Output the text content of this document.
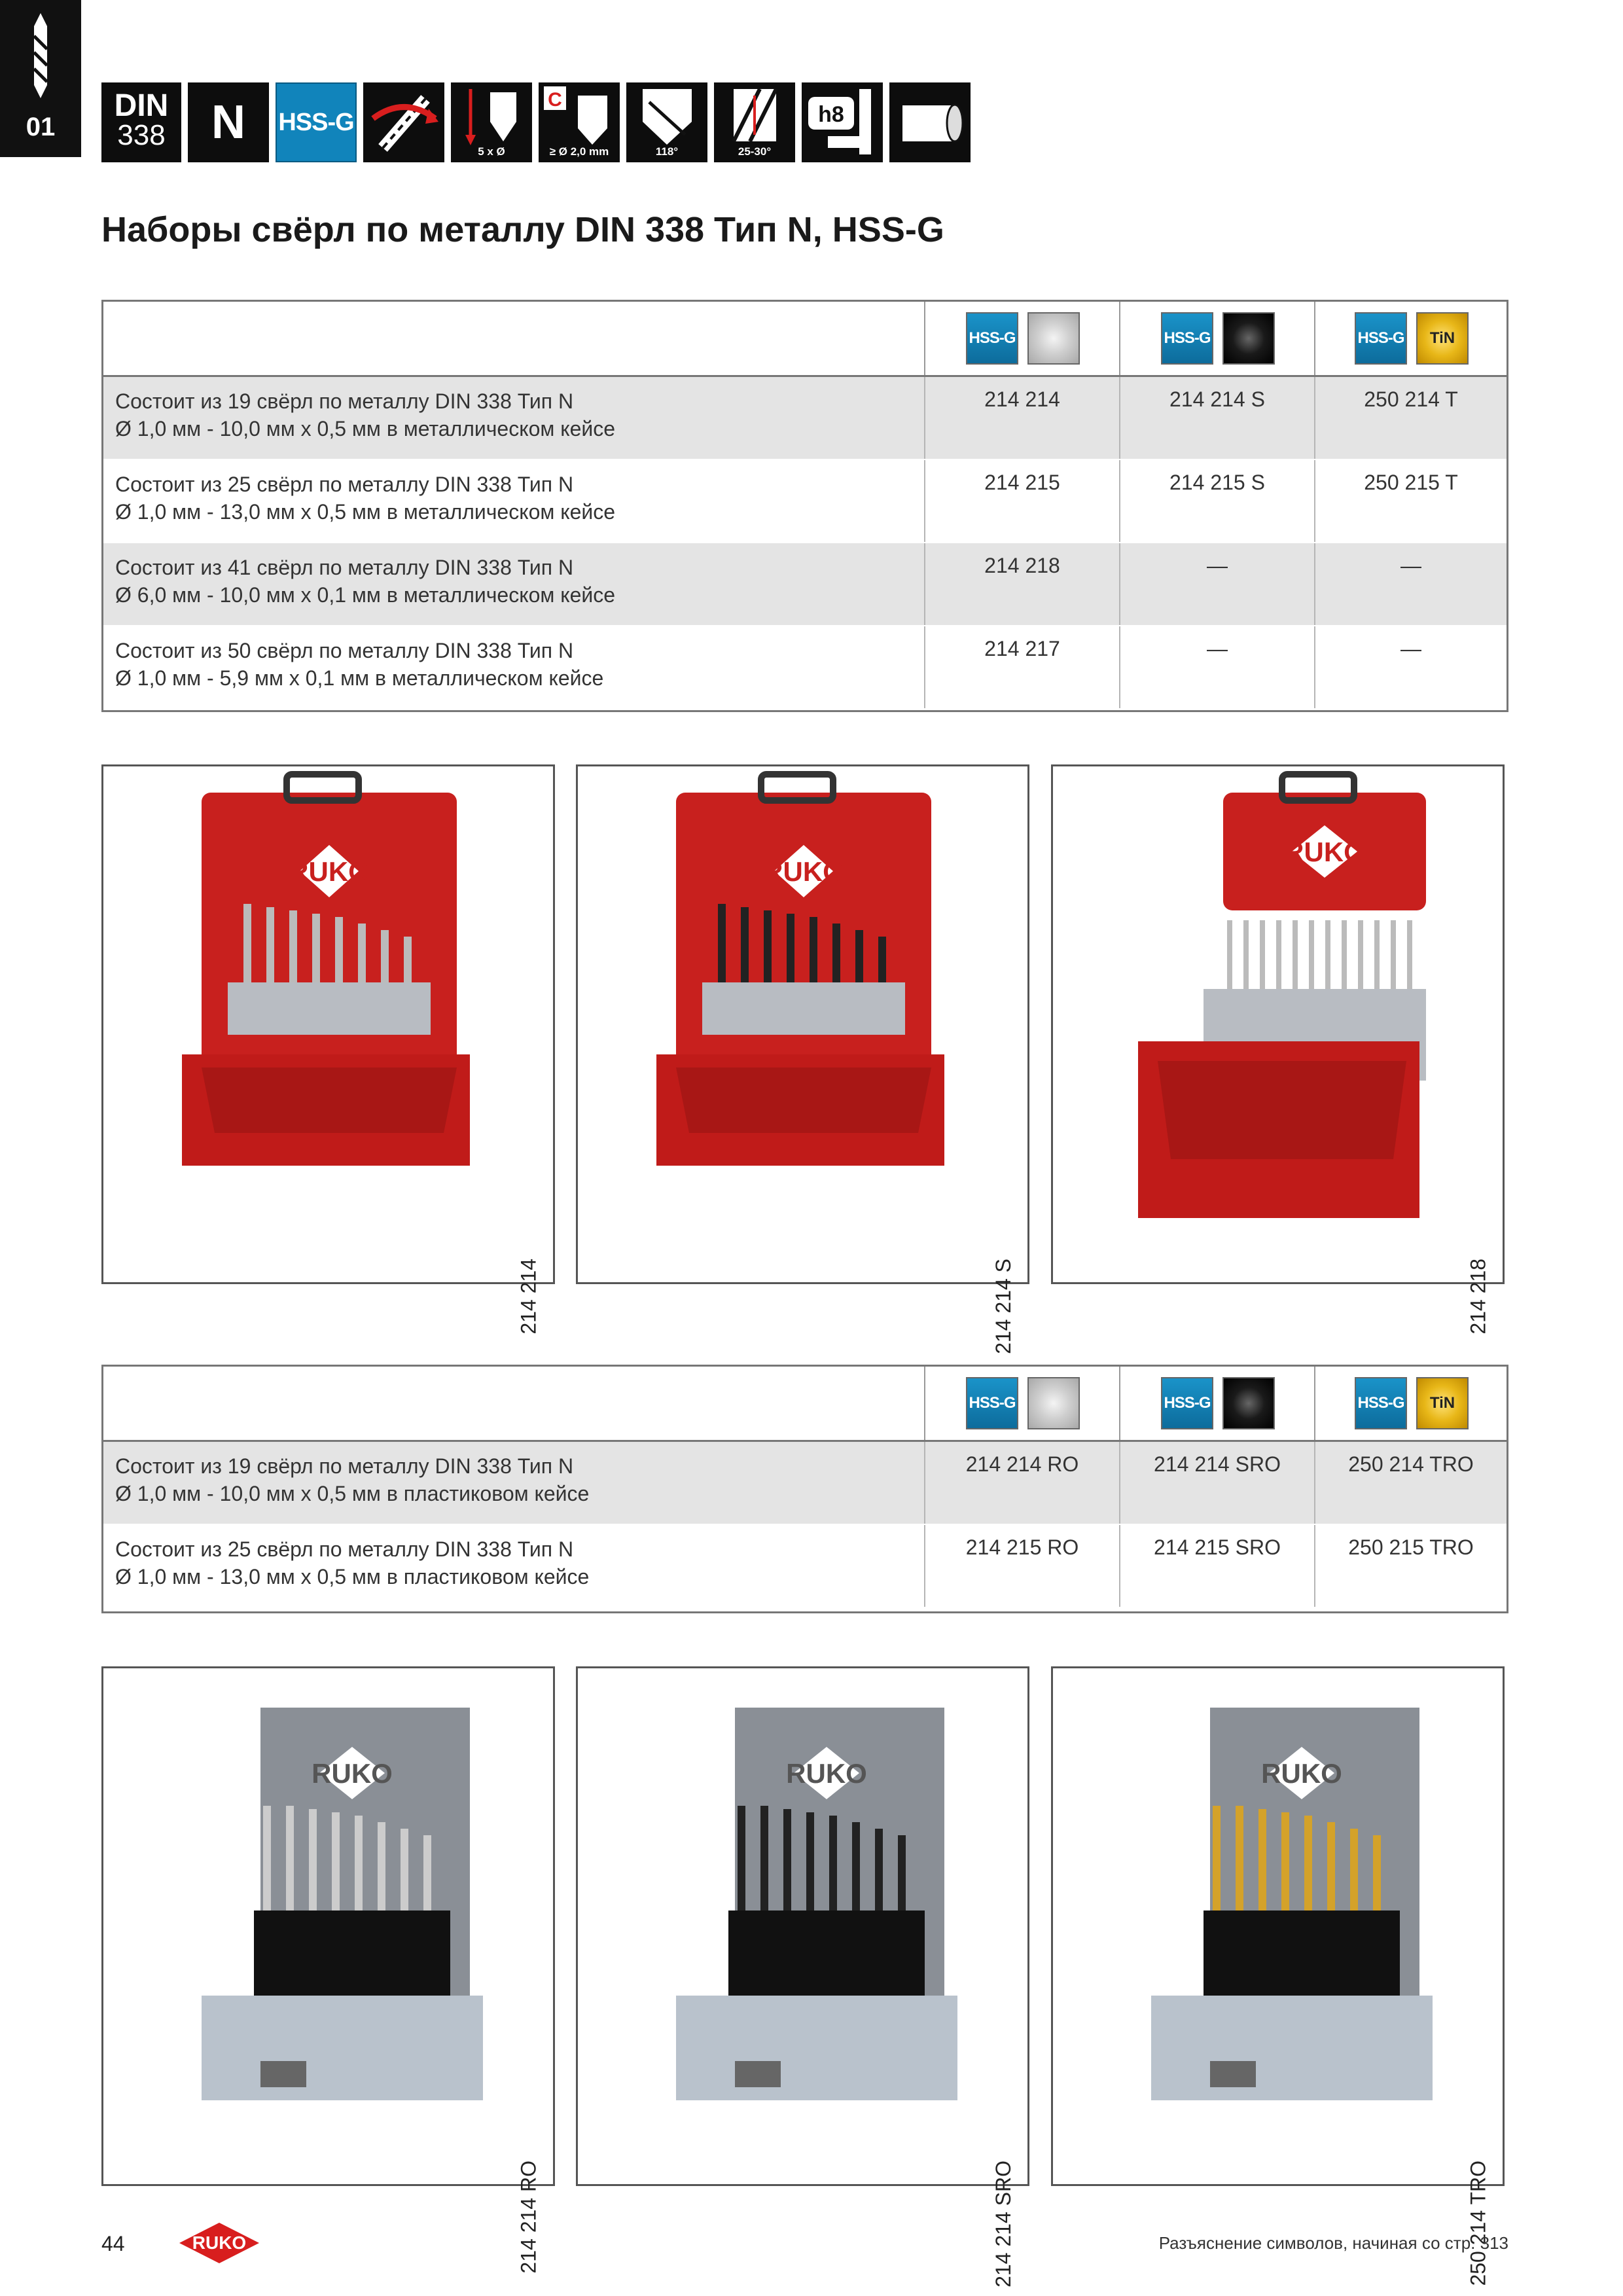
01
DIN
338 N HSS-G
5 x Ø
C
≥ Ø 2,0 mm	118°	25-30°
h8
Наборы свёрл по металлу DIN 338 Тип N, HSS-G
HSS-G	HSS-G	HSS-G	TiN
Состоит из 19 свёрл по металлу DIN 338 Тип N
Ø 1,0 мм - 10,0 мм x 0,5 мм в металлическом кейсе
214 214	214 214 S	250 214 T
Состоит из 25 свёрл по металлу DIN 338 Тип N
Ø 1,0 мм - 13,0 мм x 0,5 мм в металлическом кейсе
214 215	214 215 S	250 215 T
Состоит из 41 свёрл по металлу DIN 338 Тип N
Ø 6,0 мм - 10,0 мм x 0,1 мм в металлическом кейсе
214 218	—	—
Состоит из 50 свёрл по металлу DIN 338 Тип N
Ø 1,0 мм - 5,9 мм x 0,1 мм в металлическом кейсе
214 217	—	—
RUKO
214 214
RUKO
214 214 S
RUKO
214 218
HSS-G	HSS-G	HSS-G	TiN
Состоит из 19 свёрл по металлу DIN 338 Тип N
Ø 1,0 мм - 10,0 мм x 0,5 мм в пластиковом кейсе
214 214 RO	214 214 SRO	250 214 TRO
Состоит из 25 свёрл по металлу DIN 338 Тип N
Ø 1,0 мм - 13,0 мм x 0,5 мм в пластиковом кейсе
214 215 RO	214 215 SRO	250 215 TRO
RUKO
214 214 RO
RUKO
214 214 SRO
RUKO
250 214 TRO
44	RUKO	Разъяснение символов, начиная со стр. 313
